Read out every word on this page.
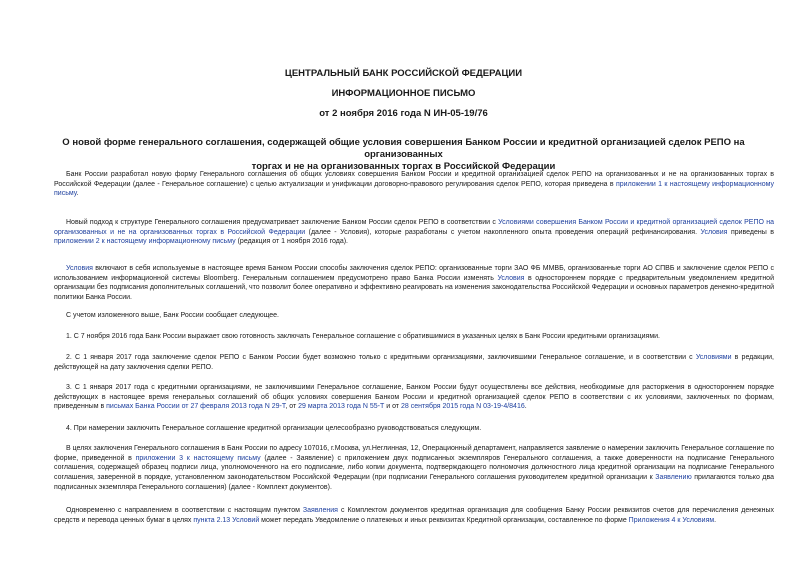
ЦЕНТРАЛЬНЫЙ БАНК РОССИЙСКОЙ ФЕДЕРАЦИИ
ИНФОРМАЦИОННОЕ ПИСЬМО
от 2 ноября 2016 года N ИН-05-19/76
О новой форме генерального соглашения, содержащей общие условия совершения Банком России и кредитной организацией сделок РЕПО на организованных
торгах и не на организованных торгах в Российской Федерации

Банк России разработал новую форму Генерального соглашения об общих условиях совершения Банком России и кредитной организацией сделок РЕПО на организованных и не на организованных торгах в Российской Федерации (далее - Генеральное соглашение) с целью актуализации и унификации договорно-правового регулирования сделок РЕПО, которая приведена в приложении 1 к настоящему информационному письму.

Новый подход к структуре Генерального соглашения предусматривает заключение Банком России сделок РЕПО в соответствии с Условиями совершения Банком России и кредитной организацией сделок РЕПО на организованных и не на организованных торгах в Российской Федерации (далее - Условия), которые разработаны с учетом накопленного опыта проведения операций рефинансирования. Условия приведены в приложении 2 к настоящему информационному письму (редакция от 1 ноября 2016 года).

Условия включают в себя используемые в настоящее время Банком России способы заключения сделок РЕПО: организованные торги ЗАО ФБ ММВБ, организованные торги АО СПВБ и заключение сделок РЕПО с использованием информационной системы Bloomberg. Генеральным соглашением предусмотрено право Банка России изменять Условия в одностороннем порядке с предварительным уведомлением кредитной организации без подписания дополнительных соглашений, что позволит более оперативно и эффективно реагировать на изменения законодательства Российской Федерации и основных параметров денежно-кредитной политики Банка России.

С учетом изложенного выше, Банк России сообщает следующее.

1. С 7 ноября 2016 года Банк России выражает свою готовность заключать Генеральное соглашение с обратившимися в указанных целях в Банк России кредитными организациями.

2. С 1 января 2017 года заключение сделок РЕПО с Банком России будет возможно только с кредитными организациями, заключившими Генеральное соглашение, и в соответствии с Условиями в редакции, действующей на дату заключения сделки РЕПО.

3. С 1 января 2017 года с кредитными организациями, не заключившими Генеральное соглашение, Банком России будут осуществлены все действия, необходимые для расторжения в одностороннем порядке действующих в настоящее время генеральных соглашений об общих условиях совершения Банком России и кредитной организацией сделок РЕПО в соответствии с их условиями, заключенных по формам, приведенным в письмах Банка России от 27 февраля 2013 года N 29-Т, от 29 марта 2013 года N 55-Т и от 28 сентября 2015 года N 03-19-4/8416.

4. При намерении заключить Генеральное соглашение кредитной организации целесообразно руководствоваться следующим.

В целях заключения Генерального соглашения в Банк России по адресу 107016, г.Москва, ул.Неглинная, 12, Операционный департамент, направляется заявление о намерении заключить Генеральное соглашение по форме, приведенной в приложении 3 к настоящему письму (далее - Заявление) с приложением двух подписанных экземпляров Генерального соглашения, а также доверенности на подписание Генерального соглашения, содержащей образец подписи лица, уполномоченного на его подписание, либо копии документа, подтверждающего полномочия должностного лица кредитной организации на подписание Генерального соглашения, заверенной в порядке, установленном законодательством Российской Федерации (при подписании Генерального соглашения руководителем кредитной организации к Заявлению прилагаются только два подписанных экземпляра Генерального соглашения) (далее - Комплект документов).

Одновременно с направлением в соответствии с настоящим пунктом Заявления с Комплектом документов кредитная организация для сообщения Банку России реквизитов счетов для перечисления денежных средств и перевода ценных бумаг в целях пункта 2.13 Условий может передать Уведомление о платежных и иных реквизитах Кредитной организации, составленное по форме Приложения 4 к Условиям.
